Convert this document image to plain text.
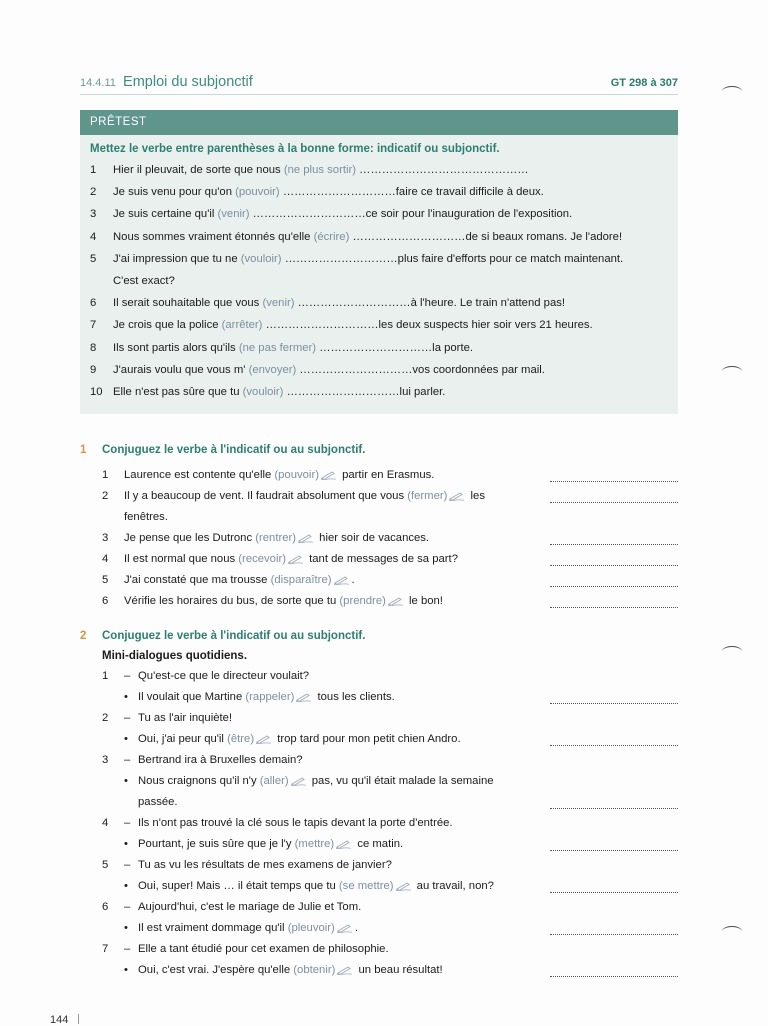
14.4.11 Emploi du subjonctif	GT 298 à 307
PRÊTEST
Mettez le verbe entre parenthèses à la bonne forme: indicatif ou subjonctif.
1	Hier il pleuvait, de sorte que nous (ne plus sortir) ………………………………………
2	Je suis venu pour qu'on (pouvoir) …………………………faire ce travail difficile à deux.
3	Je suis certaine qu'il (venir) …………………………ce soir pour l'inauguration de l'exposition.
4	Nous sommes vraiment étonnés qu'elle (écrire) …………………………de si beaux romans. Je l'adore!
5	J'ai impression que tu ne (vouloir) …………………………plus faire d'efforts pour ce match maintenant.
C'est exact?
6	Il serait souhaitable que vous (venir) …………………………à l'heure. Le train n'attend pas!
7	Je crois que la police (arrêter) …………………………les deux suspects hier soir vers 21 heures.
8	Ils sont partis alors qu'ils (ne pas fermer) …………………………la porte.
9	J'aurais voulu que vous m' (envoyer) …………………………vos coordonnées par mail.
10 Elle n'est pas sûre que tu (vouloir) …………………………lui parler.
1 Conjuguez le verbe à l'indicatif ou au subjonctif.
1	Laurence est contente qu'elle (pouvoir) partir en Erasmus.
2	Il y a beaucoup de vent. Il faudrait absolument que vous (fermer) les
fenêtres.
3	Je pense que les Dutronc (rentrer) hier soir de vacances.
4	Il est normal que nous (recevoir) tant de messages de sa part?
5	J'ai constaté que ma trousse (disparaître) .
6	Vérifie les horaires du bus, de sorte que tu (prendre) le bon!
2 Conjuguez le verbe à l'indicatif ou au subjonctif.
Mini-dialogues quotidiens.
1	– Qu'est-ce que le directeur voulait?
• Il voulait que Martine (rappeler) tous les clients.
2	– Tu as l'air inquiète!
• Oui, j'ai peur qu'il (être) trop tard pour mon petit chien Andro.
3	– Bertrand ira à Bruxelles demain?
• Nous craignons qu'il n'y (aller) pas, vu qu'il était malade la semaine
passée.
4	– Ils n'ont pas trouvé la clé sous le tapis devant la porte d'entrée.
• Pourtant, je suis sûre que je l'y (mettre) ce matin.
5	– Tu as vu les résultats de mes examens de janvier?
• Oui, super! Mais … il était temps que tu (se mettre) au travail, non?
6	– Aujourd'hui, c'est le mariage de Julie et Tom.
• Il est vraiment dommage qu'il (pleuvoir) .
7	– Elle a tant étudié pour cet examen de philosophie.
• Oui, c'est vrai. J'espère qu'elle (obtenir) un beau résultat!
144
